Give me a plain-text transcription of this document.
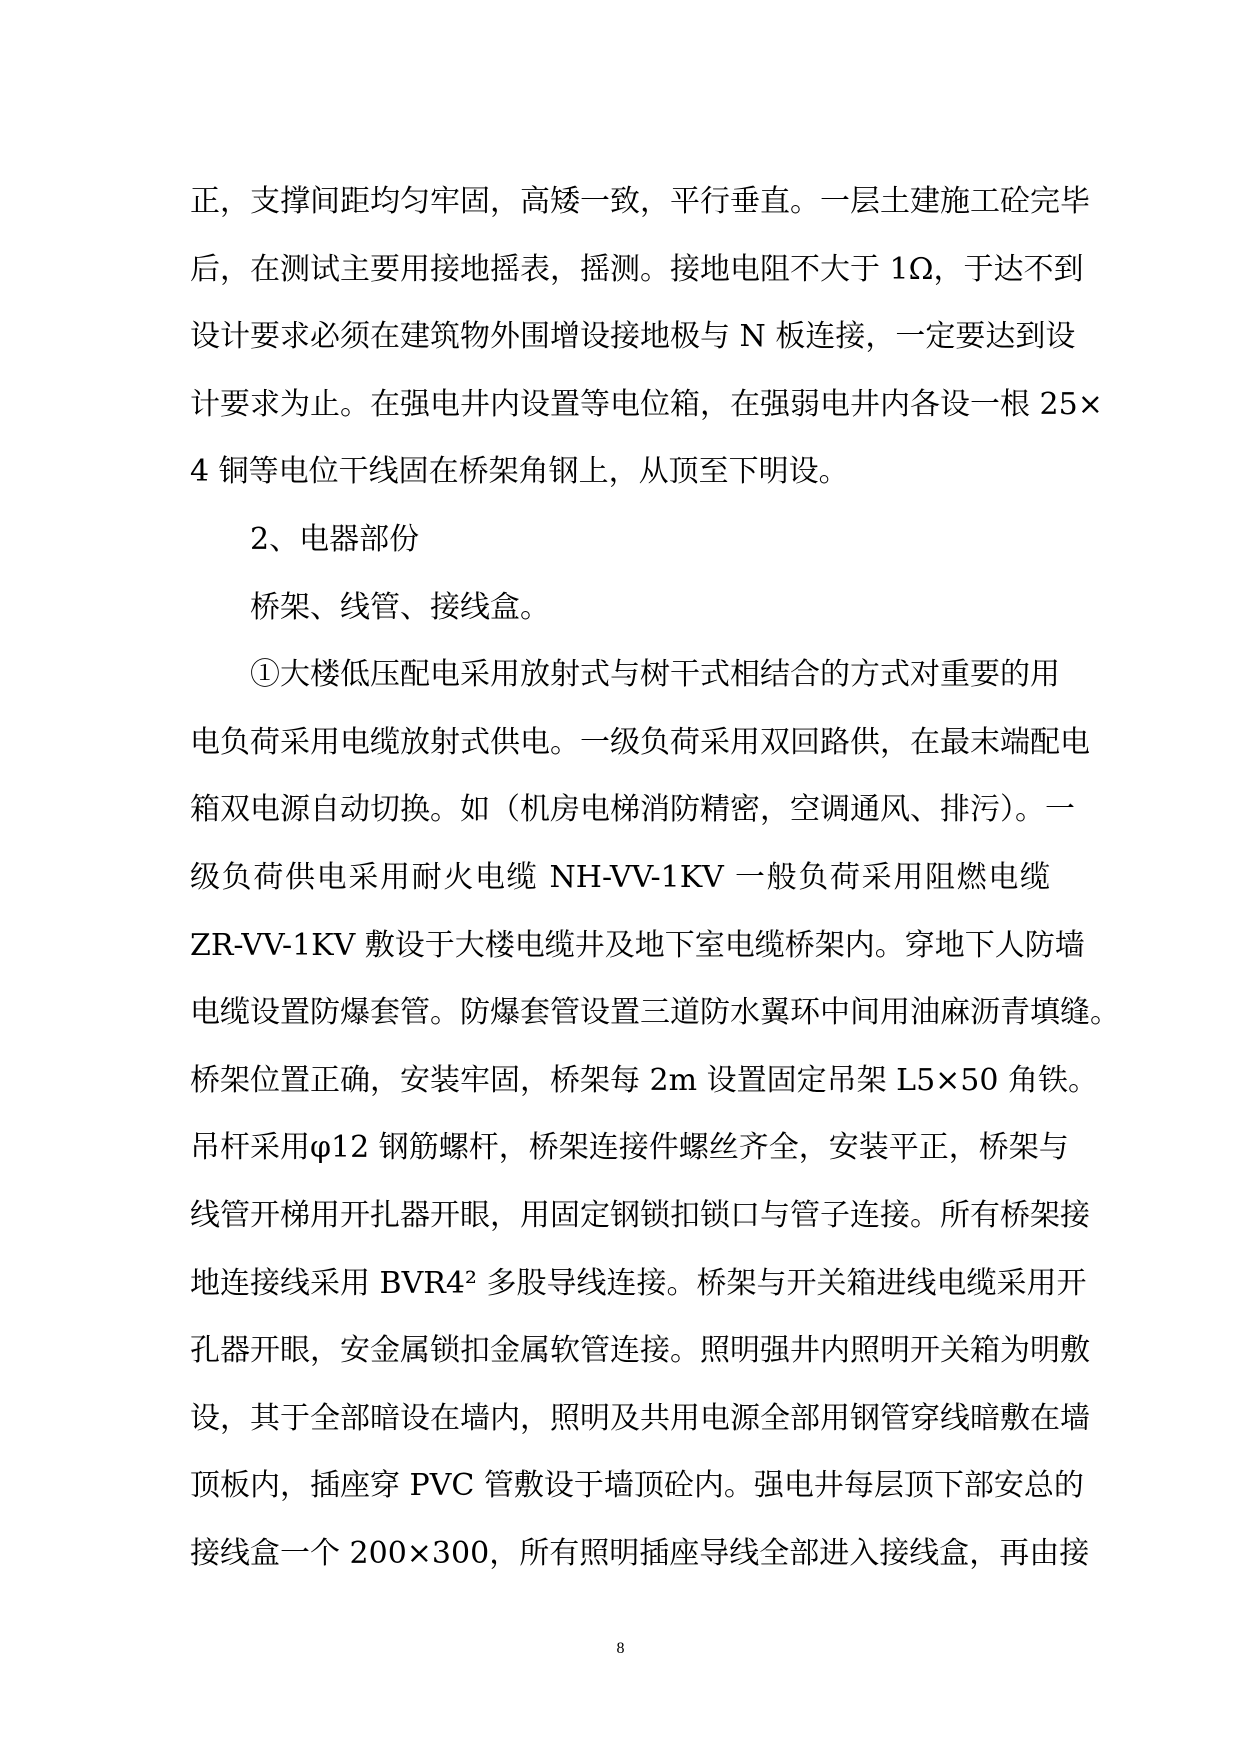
正，支撑间距均匀牢固，高矮一致，平行垂直。一层土建施工砼完毕
后，在测试主要用接地摇表，摇测。接地电阻不大于 1Ω，于达不到
设计要求必须在建筑物外围增设接地极与 N 板连接，一定要达到设
计要求为止。在强电井内设置等电位箱，在强弱电井内各设一根 25×
4 铜等电位干线固在桥架角钢上，从顶至下明设。
2、电器部份
桥架、线管、接线盒。
①大楼低压配电采用放射式与树干式相结合的方式对重要的用
电负荷采用电缆放射式供电。一级负荷采用双回路供，在最末端配电
箱双电源自动切换。如（机房电梯消防精密，空调通风、排污）。一
级负荷供电采用耐火电缆 NH-VV-1KV 一般负荷采用阻燃电缆
ZR-VV-1KV 敷设于大楼电缆井及地下室电缆桥架内。穿地下人防墙
电缆设置防爆套管。防爆套管设置三道防水翼环中间用油麻沥青填缝。
桥架位置正确，安装牢固，桥架每 2m 设置固定吊架 L5×50 角铁。
吊杆采用φ12 钢筋螺杆，桥架连接件螺丝齐全，安装平正，桥架与
线管开梯用开扎器开眼，用固定钢锁扣锁口与管子连接。所有桥架接
地连接线采用 BVR4² 多股导线连接。桥架与开关箱进线电缆采用开
孔器开眼，安金属锁扣金属软管连接。照明强井内照明开关箱为明敷
设，其于全部暗设在墙内，照明及共用电源全部用钢管穿线暗敷在墙
顶板内，插座穿 PVC 管敷设于墙顶砼内。强电井每层顶下部安总的
接线盒一个 200×300，所有照明插座导线全部进入接线盒，再由接
8
